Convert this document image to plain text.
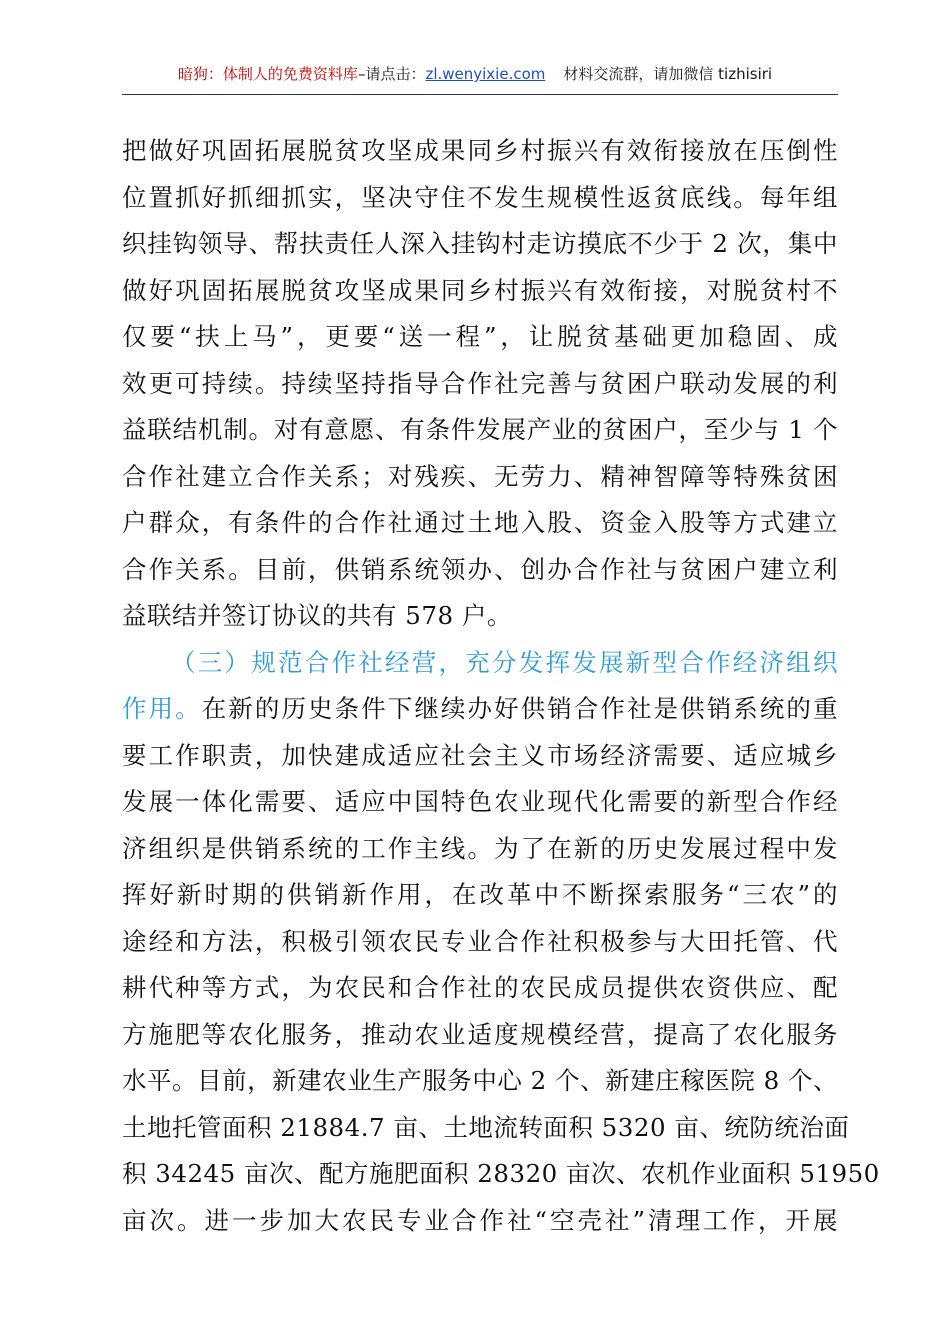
暗狗：体制人的免费资料库–请点击：zl.wenyixie.com 材料交流群，请加微信 tizhisiri
把做好巩固拓展脱贫攻坚成果同乡村振兴有效衔接放在压倒性
位置抓好抓细抓实，坚决守住不发生规模性返贫底线。每年组
织挂钩领导、帮扶责任人深入挂钩村走访摸底不少于 2 次，集中
做好巩固拓展脱贫攻坚成果同乡村振兴有效衔接，对脱贫村不
仅要“扶上马”，更要“送一程”，让脱贫基础更加稳固、成
效更可持续。持续坚持指导合作社完善与贫困户联动发展的利
益联结机制。对有意愿、有条件发展产业的贫困户，至少与 1 个
合作社建立合作关系；对残疾、无劳力、精神智障等特殊贫困
户群众，有条件的合作社通过土地入股、资金入股等方式建立
合作关系。目前，供销系统领办、创办合作社与贫困户建立利
益联结并签订协议的共有 578 户。
（三）规范合作社经营，充分发挥发展新型合作经济组织
作用。在新的历史条件下继续办好供销合作社是供销系统的重
要工作职责，加快建成适应社会主义市场经济需要、适应城乡
发展一体化需要、适应中国特色农业现代化需要的新型合作经
济组织是供销系统的工作主线。为了在新的历史发展过程中发
挥好新时期的供销新作用，在改革中不断探索服务“三农”的
途经和方法，积极引领农民专业合作社积极参与大田托管、代
耕代种等方式，为农民和合作社的农民成员提供农资供应、配
方施肥等农化服务，推动农业适度规模经营，提高了农化服务
水平。目前，新建农业生产服务中心 2 个、新建庄稼医院 8 个、
土地托管面积 21884.7 亩、土地流转面积 5320 亩、统防统治面
积 34245 亩次、配方施肥面积 28320 亩次、农机作业面积 51950
亩次。进一步加大农民专业合作社“空壳社”清理工作，开展
